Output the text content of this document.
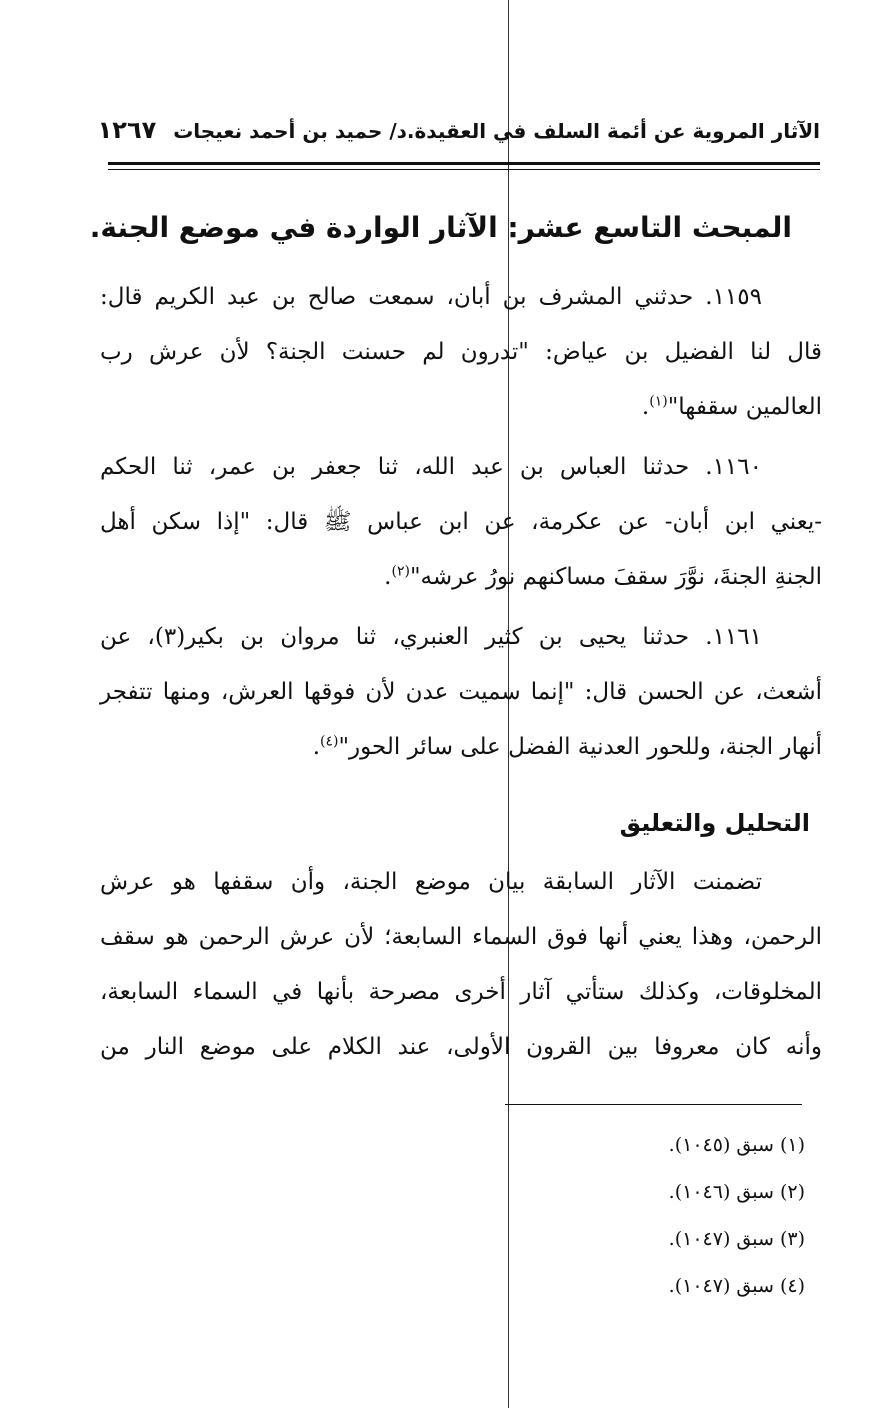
الآثار المروية عن أئمة السلف في العقيدة.د/ حميد بن أحمد نعيجات ١٢٦٧
المبحث التاسع عشر: الآثار الواردة في موضع الجنة.
١١٥٩. حدثني المشرف بن أبان، سمعت صالح بن عبد الكريم قال:
قال لنا الفضيل بن عياض: "تدرون لم حسنت الجنة؟ لأن عرش رب
العالمين سقفها"$^{(١)}$.
١١٦٠. حدثنا العباس بن عبد الله، ثنا جعفر بن عمر، ثنا الحكم
-يعني ابن أبان- عن عكرمة، عن ابن عباس ﷺ قال: "إذا سكن أهل
الجنةِ الجنةَ، نوَّرَ سقفَ مساكنهم نورُ عرشه"$^{(٢)}$.
١١٦١. حدثنا يحيى بن كثير العنبري، ثنا مروان بن بكير(٣)، عن
أشعث، عن الحسن قال: "إنما سميت عدن لأن فوقها العرش، ومنها تتفجر
أنهار الجنة، وللحور العدنية الفضل على سائر الحور"$^{(٤)}$.
التحليل والتعليق
تضمنت الآثار السابقة بيان موضع الجنة، وأن سقفها هو عرش
الرحمن، وهذا يعني أنها فوق السماء السابعة؛ لأن عرش الرحمن هو سقف
المخلوقات، وكذلك ستأتي آثار أخرى مصرحة بأنها في السماء السابعة،
وأنه كان معروفا بين القرون الأولى، عند الكلام على موضع النار من
(١) سبق (١٠٤٥).
(٢) سبق (١٠٤٦).
(٣) سبق (١٠٤٧).
(٤) سبق (١٠٤٧).
